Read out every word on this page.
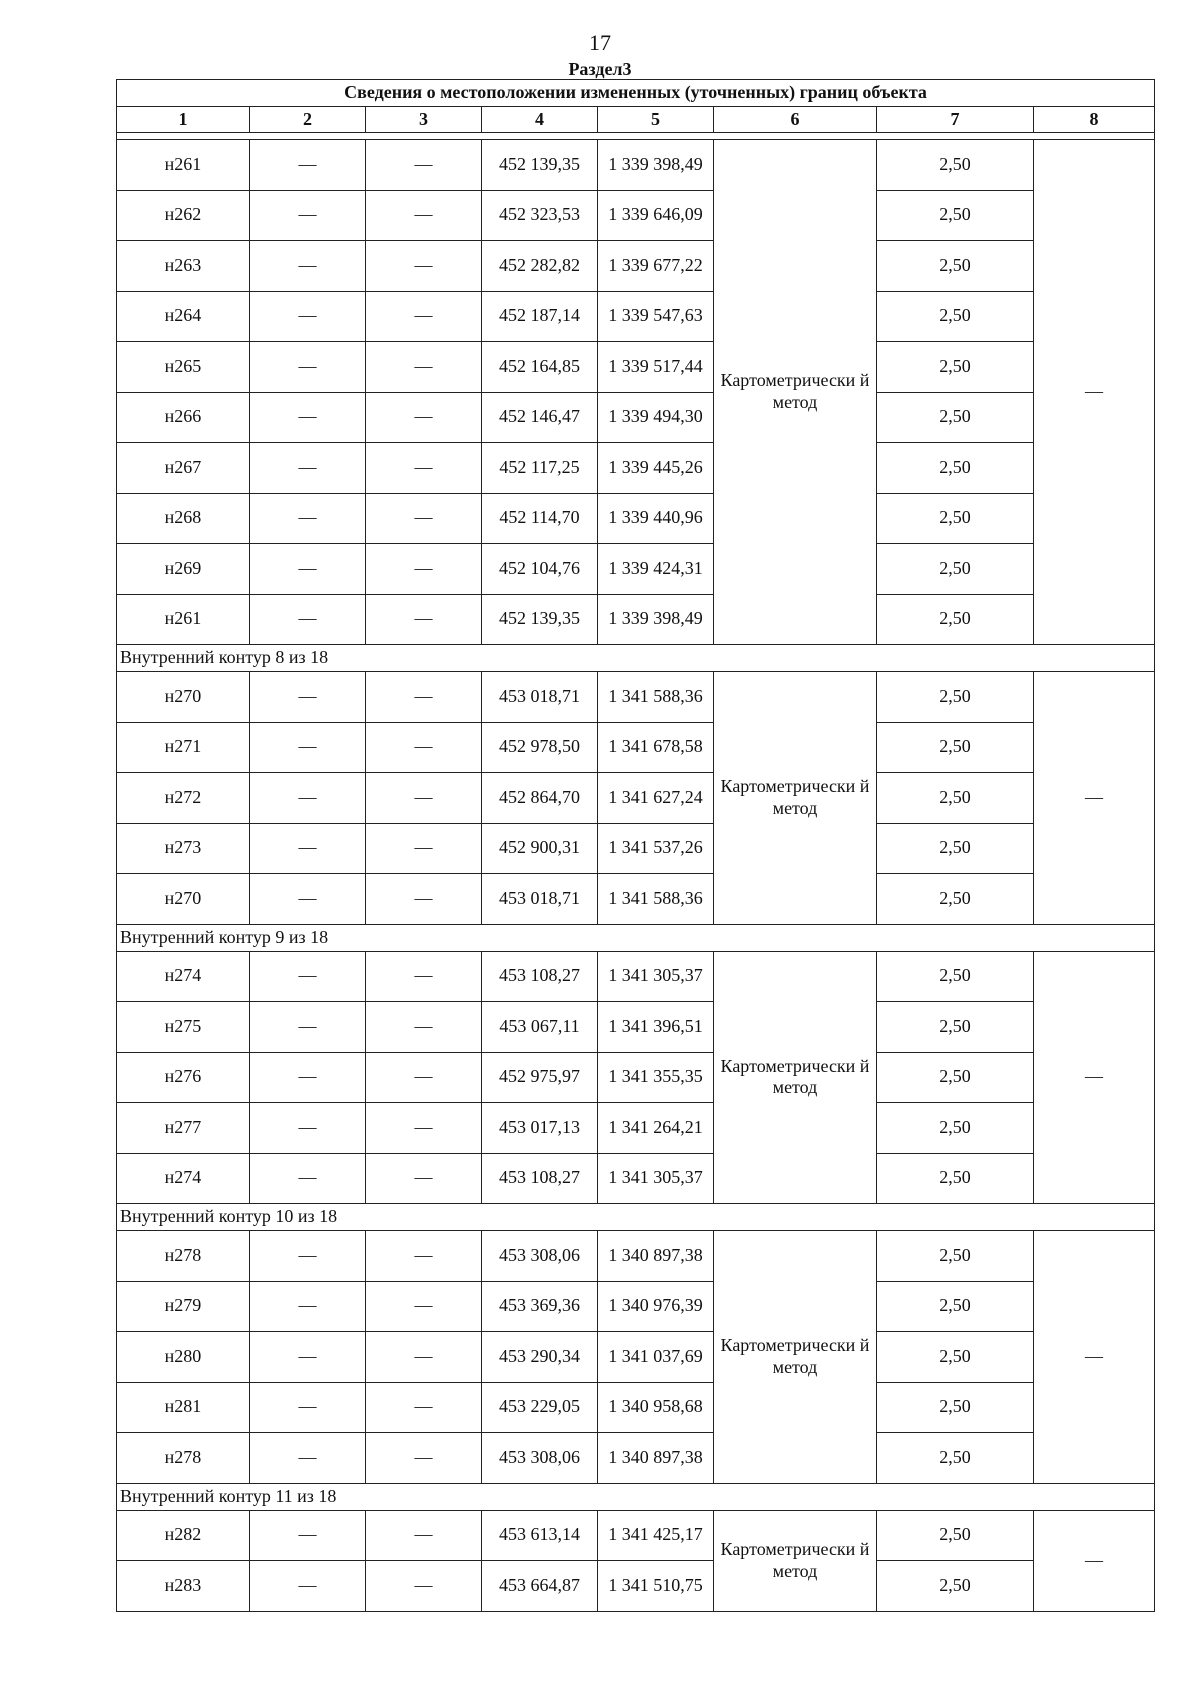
17
Раздел3
Сведения о местоположении измененных (уточненных) границ объекта							
1	2	3	4	5	6	7	8

н261	—	—	452 139,35	1 339 398,49	Картометрически й метод	2,50	—
н262	—	—	452 323,53	1 339 646,09		2,50	
н263	—	—	452 282,82	1 339 677,22		2,50	
н264	—	—	452 187,14	1 339 547,63		2,50	
н265	—	—	452 164,85	1 339 517,44		2,50	
н266	—	—	452 146,47	1 339 494,30		2,50	
н267	—	—	452 117,25	1 339 445,26		2,50	
н268	—	—	452 114,70	1 339 440,96		2,50	
н269	—	—	452 104,76	1 339 424,31		2,50	
н261	—	—	452 139,35	1 339 398,49		2,50	
Внутренний контур 8 из 18							
н270	—	—	453 018,71	1 341 588,36	Картометрически й метод	2,50	—
н271	—	—	452 978,50	1 341 678,58		2,50	
н272	—	—	452 864,70	1 341 627,24		2,50	
н273	—	—	452 900,31	1 341 537,26		2,50	
н270	—	—	453 018,71	1 341 588,36		2,50	
Внутренний контур 9 из 18							
н274	—	—	453 108,27	1 341 305,37	Картометрически й метод	2,50	—
н275	—	—	453 067,11	1 341 396,51		2,50	
н276	—	—	452 975,97	1 341 355,35		2,50	
н277	—	—	453 017,13	1 341 264,21		2,50	
н274	—	—	453 108,27	1 341 305,37		2,50	
Внутренний контур 10 из 18							
н278	—	—	453 308,06	1 340 897,38	Картометрически й метод	2,50	—
н279	—	—	453 369,36	1 340 976,39		2,50	
н280	—	—	453 290,34	1 341 037,69		2,50	
н281	—	—	453 229,05	1 340 958,68		2,50	
н278	—	—	453 308,06	1 340 897,38		2,50	
Внутренний контур 11 из 18							
н282	—	—	453 613,14	1 341 425,17	Картометрически й метод	2,50	—
н283	—	—	453 664,87	1 341 510,75		2,50	
